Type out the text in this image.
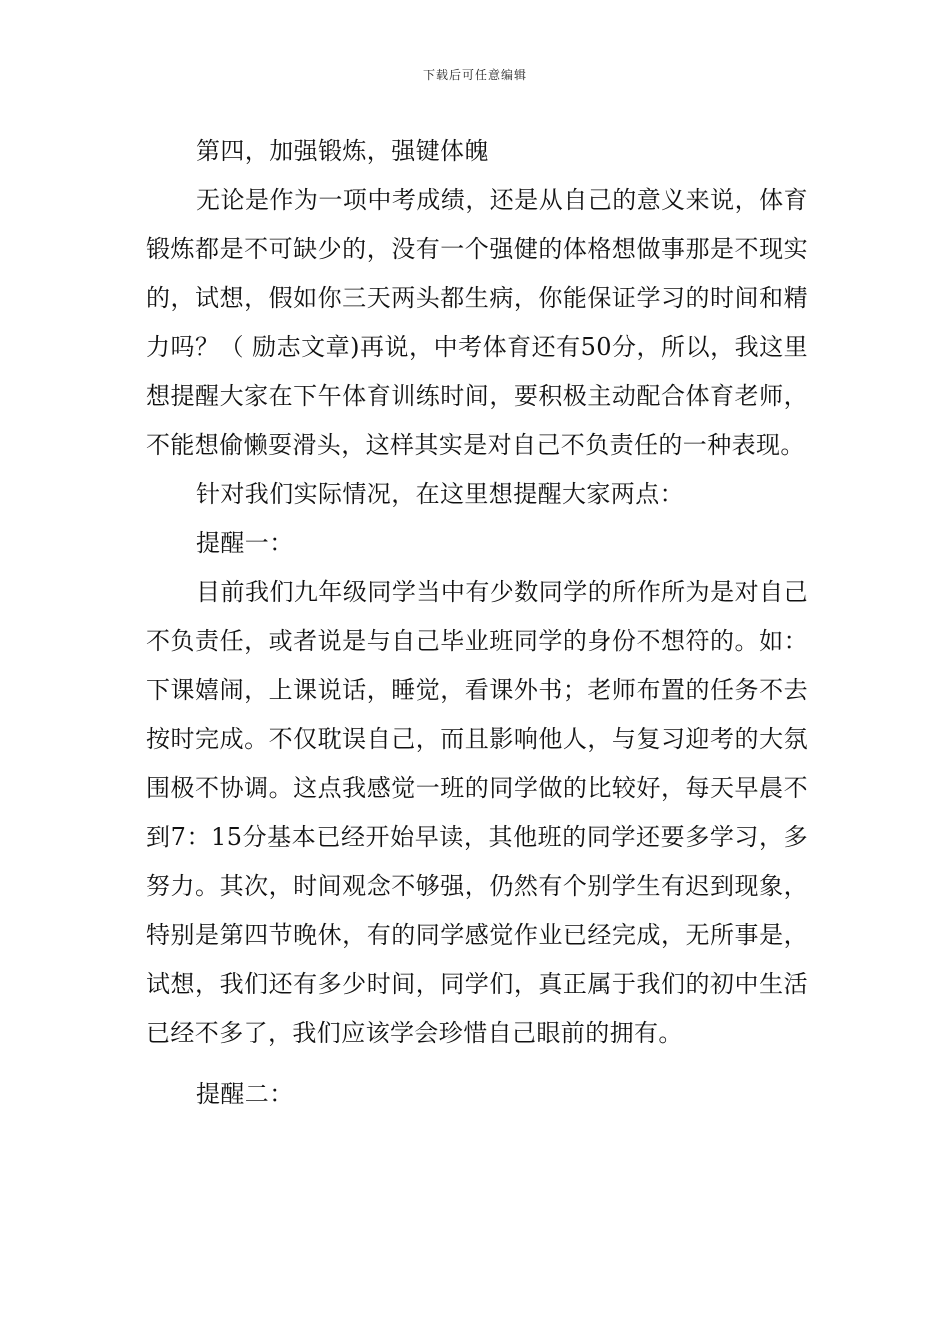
下载后可任意编辑

第四，加强锻炼，强键体魄

无论是作为一项中考成绩，还是从自己的意义来说，体育锻炼都是不可缺少的，没有一个强健的体格想做事那是不现实的，试想，假如你三天两头都生病，你能保证学习的时间和精力吗？（ 励志文章)再说，中考体育还有50分，所以，我这里想提醒大家在下午体育训练时间，要积极主动配合体育老师，不能想偷懒耍滑头，这样其实是对自己不负责任的一种表现。

针对我们实际情况，在这里想提醒大家两点：

提醒一：

目前我们九年级同学当中有少数同学的所作所为是对自己不负责任，或者说是与自己毕业班同学的身份不想符的。如：下课嬉闹，上课说话，睡觉，看课外书；老师布置的任务不去按时完成。不仅耽误自己，而且影响他人，与复习迎考的大氛围极不协调。这点我感觉一班的同学做的比较好，每天早晨不到7：15分基本已经开始早读，其他班的同学还要多学习，多努力。其次，时间观念不够强，仍然有个别学生有迟到现象，特别是第四节晚休，有的同学感觉作业已经完成，无所事是，试想，我们还有多少时间，同学们，真正属于我们的初中生活已经不多了，我们应该学会珍惜自己眼前的拥有。

提醒二：
